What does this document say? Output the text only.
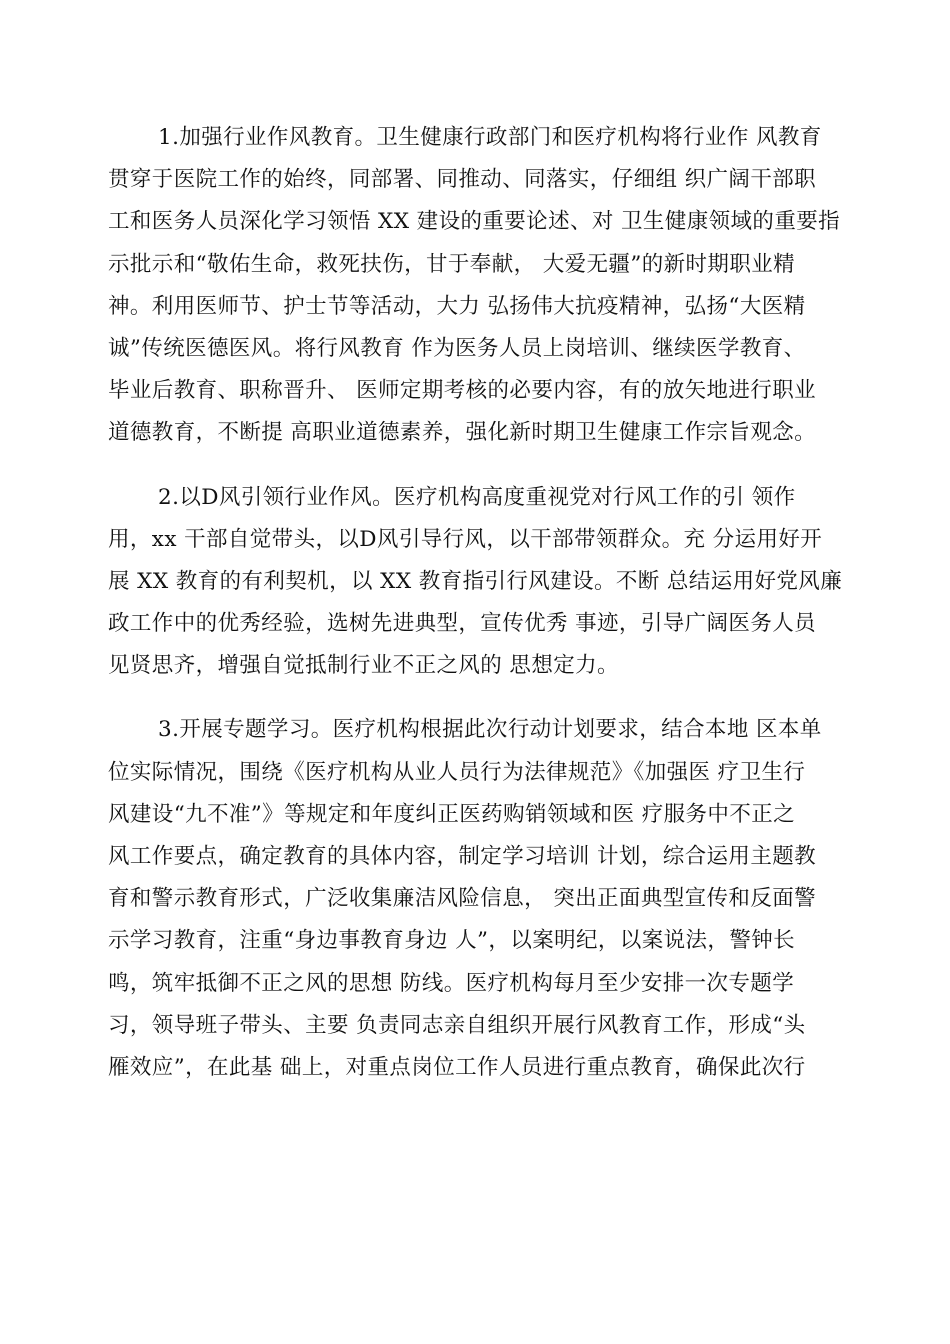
1.加强行业作风教育。卫生健康行政部门和医疗机构将行业作 风教育
贯穿于医院工作的始终，同部署、同推动、同落实，仔细组 织广阔干部职
工和医务人员深化学习领悟 XX 建设的重要论述、对 卫生健康领域的重要指
示批示和“敬佑生命，救死扶伤，甘于奉献， 大爱无疆”的新时期职业精
神。利用医师节、护士节等活动，大力 弘扬伟大抗疫精神，弘扬“大医精
诚”传统医德医风。将行风教育 作为医务人员上岗培训、继续医学教育、
毕业后教育、职称晋升、 医师定期考核的必要内容，有的放矢地进行职业
道德教育，不断提 高职业道德素养，强化新时期卫生健康工作宗旨观念。
2.以D风引领行业作风。医疗机构高度重视党对行风工作的引 领作
用，xx 干部自觉带头，以D风引导行风，以干部带领群众。充 分运用好开
展 XX 教育的有利契机，以 XX 教育指引行风建设。不断 总结运用好党风廉
政工作中的优秀经验，选树先进典型，宣传优秀 事迹，引导广阔医务人员
见贤思齐，增强自觉抵制行业不正之风的 思想定力。
3.开展专题学习。医疗机构根据此次行动计划要求，结合本地 区本单
位实际情况，围绕《医疗机构从业人员行为法律规范》《加强医 疗卫生行
风建设“九不准”》等规定和年度纠正医药购销领域和医 疗服务中不正之
风工作要点，确定教育的具体内容，制定学习培训 计划，综合运用主题教
育和警示教育形式，广泛收集廉洁风险信息， 突出正面典型宣传和反面警
示学习教育，注重“身边事教育身边 人”，以案明纪，以案说法，警钟长
鸣，筑牢抵御不正之风的思想 防线。医疗机构每月至少安排一次专题学
习，领导班子带头、主要 负责同志亲自组织开展行风教育工作，形成“头
雁效应”，在此基 础上，对重点岗位工作人员进行重点教育，确保此次行
